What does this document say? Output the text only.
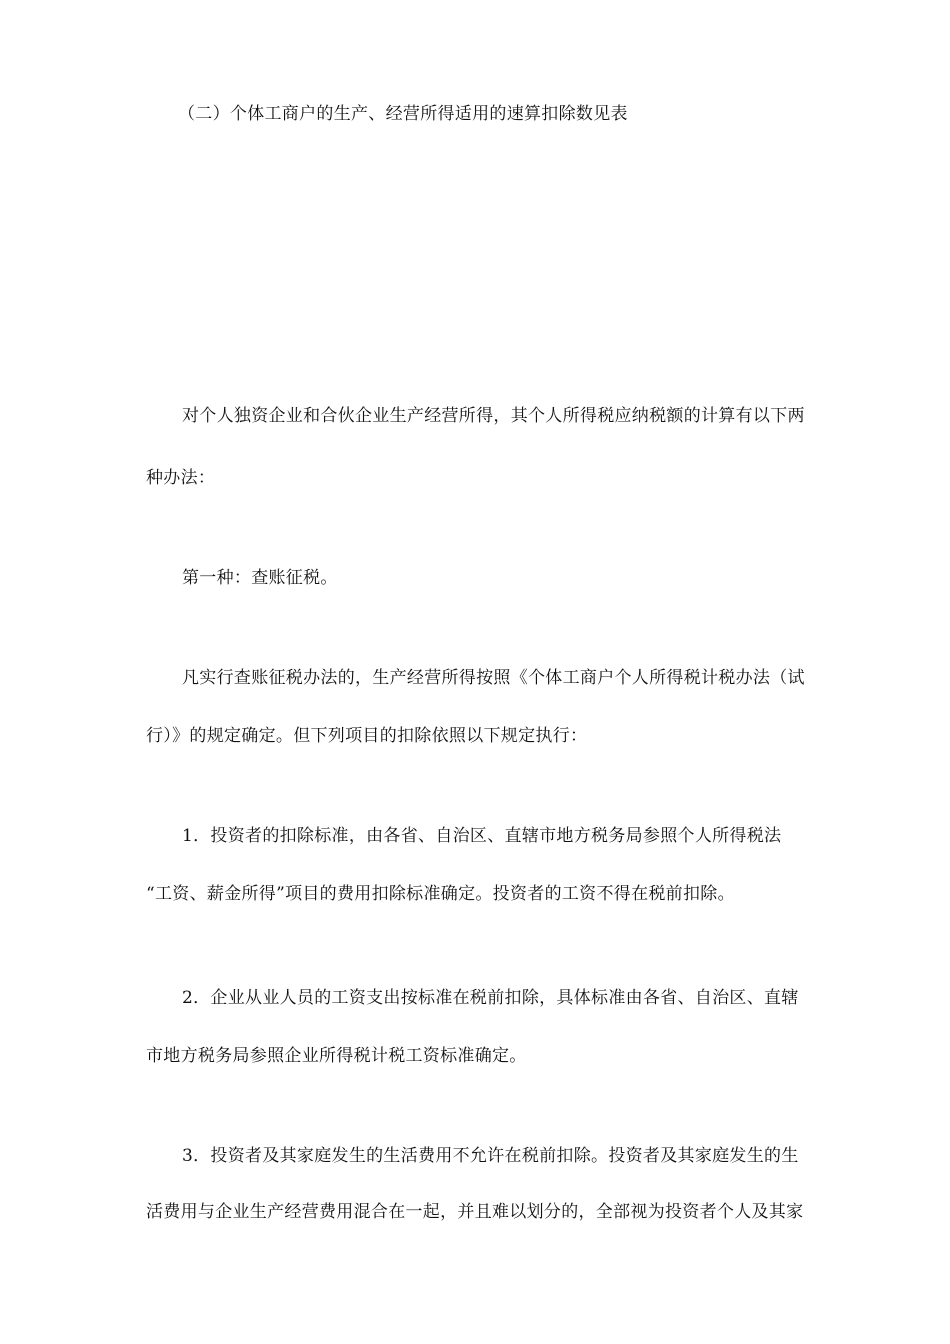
（二）个体工商户的生产、经营所得适用的速算扣除数见表
对个人独资企业和合伙企业生产经营所得，其个人所得税应纳税额的计算有以下两
种办法：
第一种：查账征税。
凡实行查账征税办法的，生产经营所得按照《个体工商户个人所得税计税办法（试
行）》的规定确定。但下列项目的扣除依照以下规定执行：
1．投资者的扣除标准，由各省、自治区、直辖市地方税务局参照个人所得税法
“工资、薪金所得”项目的费用扣除标准确定。投资者的工资不得在税前扣除。
2．企业从业人员的工资支出按标准在税前扣除，具体标准由各省、自治区、直辖
市地方税务局参照企业所得税计税工资标准确定。
3．投资者及其家庭发生的生活费用不允许在税前扣除。投资者及其家庭发生的生
活费用与企业生产经营费用混合在一起，并且难以划分的，全部视为投资者个人及其家
